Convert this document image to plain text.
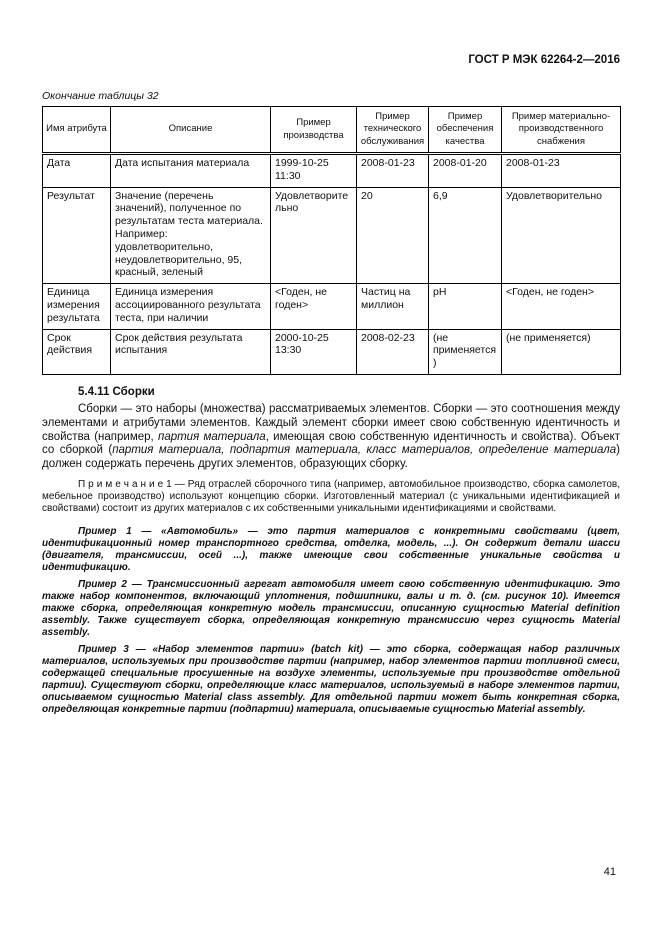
ГОСТ Р МЭК 62264-2—2016
Окончание таблицы 32
Имя атрибута	Описание	Пример производства	Пример технического обслуживания	Пример обеспечения качества	Пример материально-производственного снабжения
Дата	Дата испытания материала	1999-10-25 11:30	2008-01-23	2008-01-20	2008-01-23
Результат	Значение (перечень значений), полученное по результатам теста материала. Например: удовлетворительно, неудовлетворительно, 95, красный, зеленый	Удовлетворительно	20	6,9	Удовлетворительно
Единица измерения результата	Единица измерения ассоциированного результата теста, при наличии	<Годен, не годен>	Частиц на миллион	pH	<Годен, не годен>
Срок действия	Срок действия результата испытания	2000-10-25 13:30	2008-02-23	(не применяется)	(не применяется)
5.4.11 Сборки

Сборки — это наборы (множества) рассматриваемых элементов. Сборки — это соотношения между элементами и атрибутами элементов. Каждый элемент сборки имеет свою собственную идентичность и свойства (например, партия материала, имеющая свою собственную идентичность и свойства). Объект со сборкой (партия материала, подпартия материала, класс материалов, определение материала) должен содержать перечень других элементов, образующих сборку.

П р и м е ч а н и е 1 — Ряд отраслей сборочного типа (например, автомобильное производство, сборка самолетов, мебельное производство) используют концепцию сборки. Изготовленный материал (с уникальными идентификацией и свойствами) состоит из других материалов с их собственными уникальными идентификациями и свойствами.

Пример 1 — «Автомобиль» — это партия материалов с конкретными свойствами (цвет, идентификационный номер транспортного средства, отделка, модель, ...). Он содержит детали шасси (двигателя, трансмиссии, осей ...), также имеющие свои собственные уникальные свойства и идентификацию.

Пример 2 — Трансмиссионный агрегат автомобиля имеет свою собственную идентификацию. Это также набор компонентов, включающий уплотнения, подшипники, валы и т. д. (см. рисунок 10). Имеется также сборка, определяющая конкретную модель трансмиссии, описанную сущностью Material definition assembly. Также существует сборка, определяющая конкретную трансмиссию через сущность Material assembly.

Пример 3 — «Набор элементов партии» (batch kit) — это сборка, содержащая набор различных материалов, используемых при производстве партии (например, набор элементов партии топливной смеси, содержащей специальные просушенные на воздухе элементы, используемые при производстве отдельной партии). Существуют сборки, определяющие класс материалов, используемый в наборе элементов партии, описываемом сущностью Material class assembly. Для отдельной партии может быть конкретная сборка, определяющая конкретные партии (подпартии) материала, описываемые сущностью Material assembly.

41
